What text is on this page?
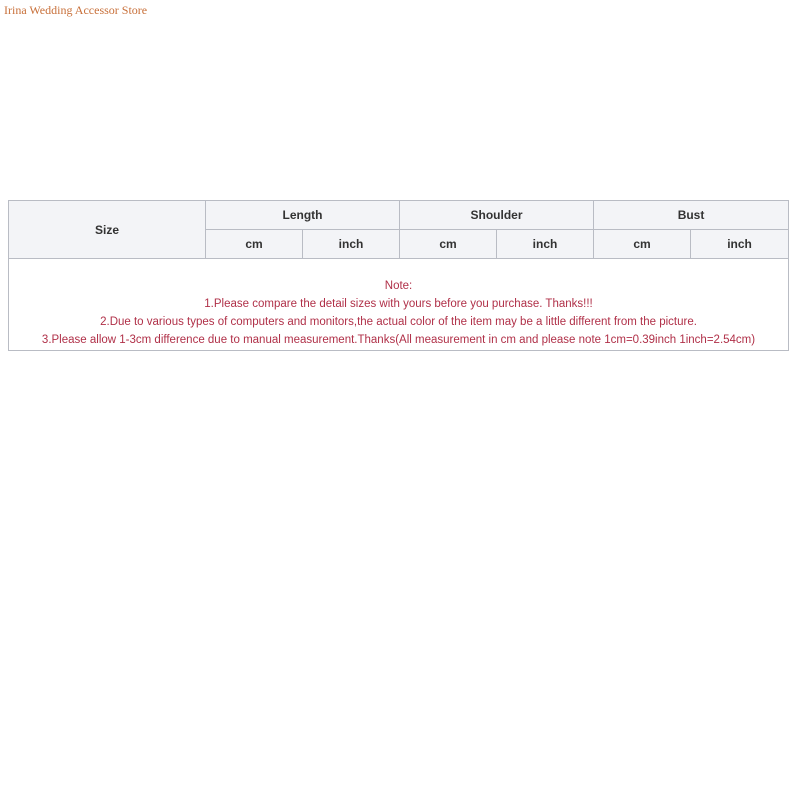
Irina Wedding Accessor Store
Size	Length		Shoulder		Bust	
	cm	inch	cm	inch	cm	inch

Note:
1.Please compare the detail sizes with yours before you purchase. Thanks!!!
2.Due to various types of computers and monitors,the actual color of the item may be a little different from the picture.
3.Please allow 1-3cm difference due to manual measurement.Thanks(All measurement in cm and please note 1cm=0.39inch 1inch=2.54cm)						
